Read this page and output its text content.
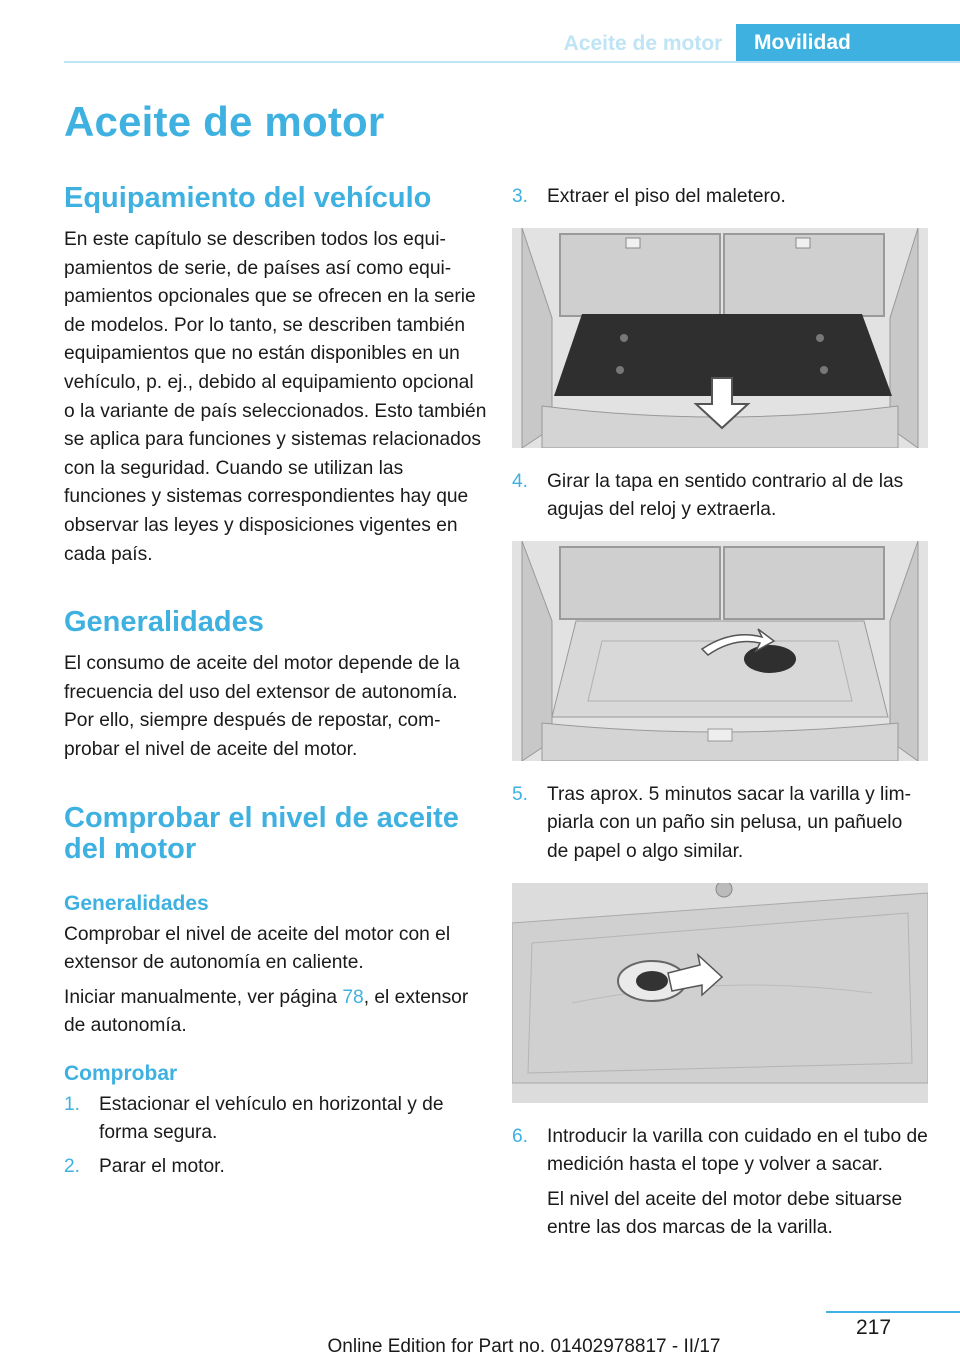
Aceite de motor	Movilidad
Aceite de motor
Equipamiento del vehículo

En este capítulo se describen todos los equipamientos de serie, de países así como equipamientos opcionales que se ofrecen en la serie de modelos. Por lo tanto, se describen también equipamientos que no están disponibles en un vehículo, p. ej., debido al equipamiento opcional o la variante de país seleccionados. Esto también se aplica para funciones y sistemas relacionados con la seguridad. Cuando se utilizan las funciones y sistemas correspondientes hay que observar las leyes y disposiciones vigentes en cada país.

Generalidades

El consumo de aceite del motor depende de la frecuencia del uso del extensor de autonomía. Por ello, siempre después de repostar, comprobar el nivel de aceite del motor.

Comprobar el nivel de aceite del motor
Generalidades

Comprobar el nivel de aceite del motor con el extensor de autonomía en caliente.

Iniciar manualmente, ver página 78, el extensor de autonomía.

Comprobar
1. Estacionar el vehículo en horizontal y de forma segura.
2. Parar el motor.
3. Extraer el piso del maletero.
4. Girar la tapa en sentido contrario al de las agujas del reloj y extraerla.
5. Tras aprox. 5 minutos sacar la varilla y limpiarla con un paño sin pelusa, un pañuelo de papel o algo similar.
6. Introducir la varilla con cuidado en el tubo de medición hasta el tope y volver a sacar.

El nivel del aceite del motor debe situarse entre las dos marcas de la varilla.

217
Online Edition for Part no. 01402978817 - II/17
